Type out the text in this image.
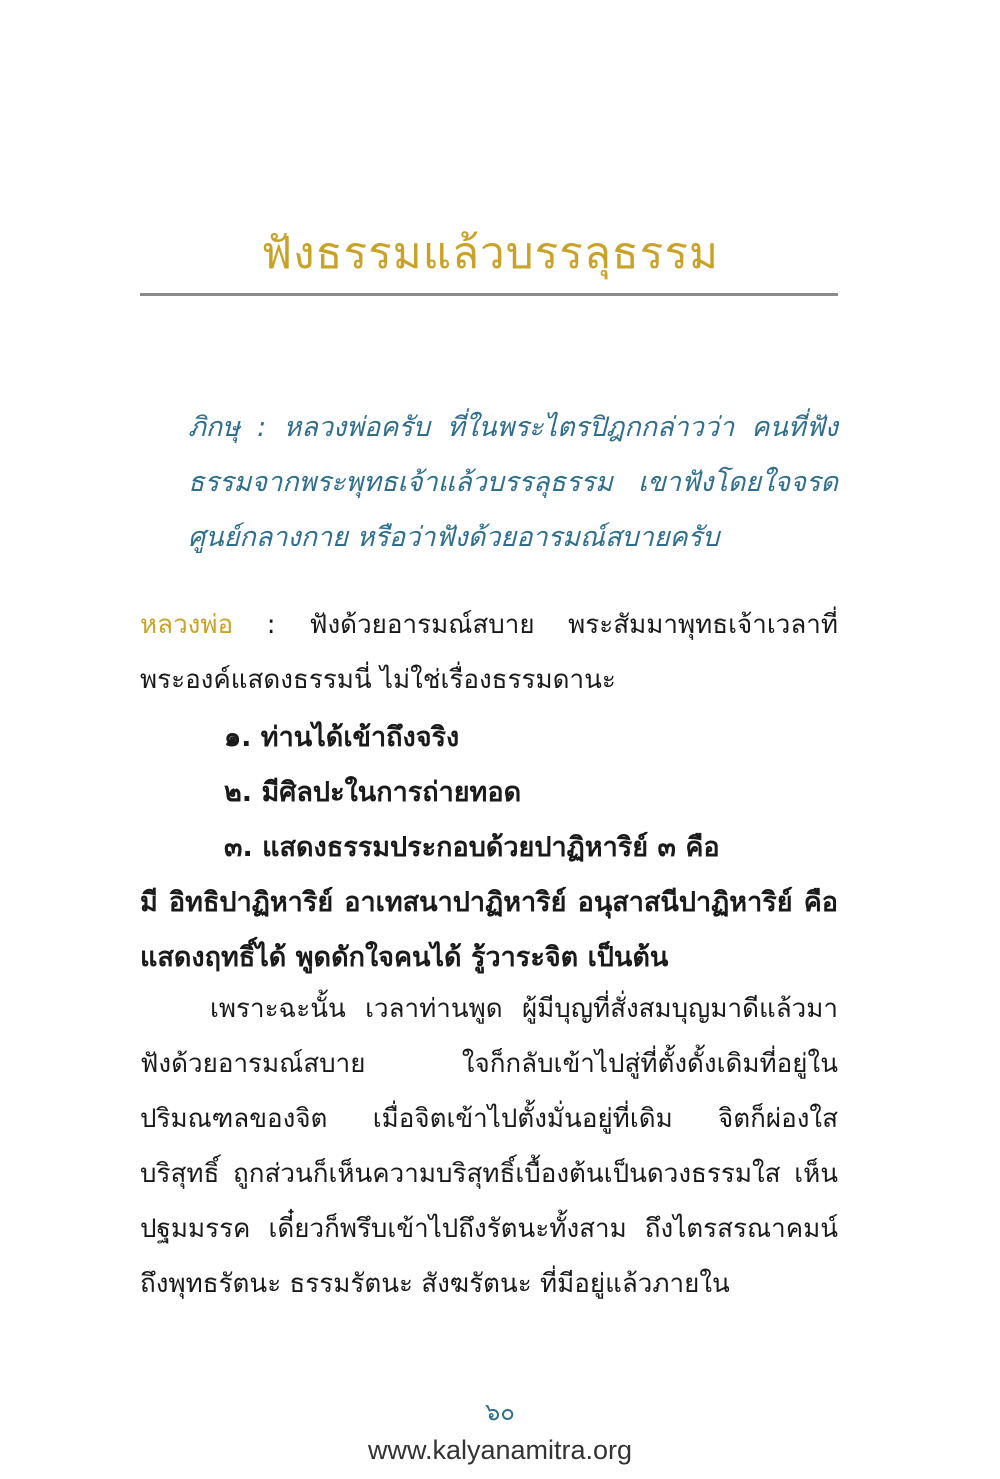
ฟังธรรมแล้วบรรลุธรรม
ภิกษุ : หลวงพ่อครับ ที่ในพระไตรปิฎกกล่าวว่า คนที่ฟังธรรมจากพระพุทธเจ้าแล้วบรรลุธรรม เขาฟังโดยใจจรดศูนย์กลางกาย หรือว่าฟังด้วยอารมณ์สบายครับ
หลวงพ่อ : ฟังด้วยอารมณ์สบาย พระสัมมาพุทธเจ้าเวลาที่พระองค์แสดงธรรมนี่ ไม่ใช่เรื่องธรรมดานะ
๑. ท่านได้เข้าถึงจริง
๒. มีศิลปะในการถ่ายทอด
๓. แสดงธรรมประกอบด้วยปาฏิหาริย์ ๓ คือ
มี อิทธิปาฏิหาริย์ อาเทสนาปาฏิหาริย์ อนุสาสนีปาฏิหาริย์ คือ แสดงฤทธิ์ได้ พูดดักใจคนได้ รู้วาระจิต เป็นต้น
เพราะฉะนั้น เวลาท่านพูด ผู้มีบุญที่สั่งสมบุญมาดีแล้วมาฟังด้วยอารมณ์สบาย ใจก็กลับเข้าไปสู่ที่ตั้งดั้งเดิมที่อยู่ในปริมณฑลของจิต เมื่อจิตเข้าไปตั้งมั่นอยู่ที่เดิม จิตก็ผ่องใส บริสุทธิ์ ถูกส่วนก็เห็นความบริสุทธิ์เบื้องต้นเป็นดวงธรรมใส เห็นปฐมมรรค เดี๋ยวก็พรึบเข้าไปถึงรัตนะทั้งสาม ถึงไตรสรณาคมน์ ถึงพุทธรัตนะ ธรรมรัตนะ สังฆรัตนะ ที่มีอยู่แล้วภายใน
๖๐
www.kalyanamitra.org
